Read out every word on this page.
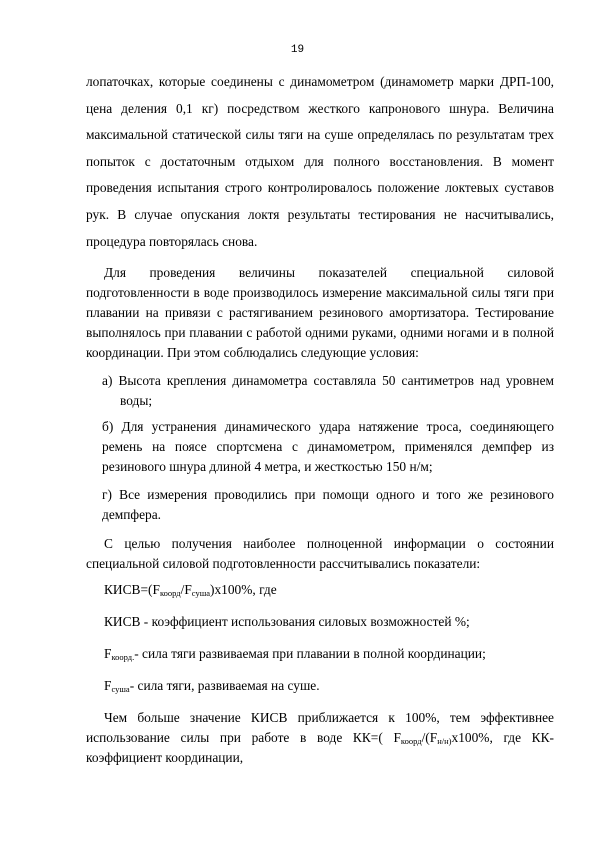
19

лопаточках, которые соединены с динамометром (динамометр марки ДРП-100, цена деления 0,1 кг) посредством жесткого капронового шнура. Величина максимальной статической силы тяги на суше определялась по результатам трех попыток с достаточным отдыхом для полного восстановления. В момент проведения испытания строго контролировалось положение локтевых суставов рук. В случае опускания локтя результаты тестирования не насчитывались, процедура повторялась снова.

Для проведения величины показателей специальной силовой подготовленности в воде производилось измерение максимальной силы тяги при плавании на привязи с растягиванием резинового амортизатора. Тестирование выполнялось при плавании с работой одними руками, одними ногами и в полной координации. При этом соблюдались следующие условия:

а) Высота крепления динамометра составляла 50 сантиметров над уровнем воды;

б) Для устранения динамического удара натяжение троса, соединяющего ремень на поясе спортсмена с динамометром, применялся демпфер из резинового шнура длиной 4 метра, и жесткостью 150 н/м;

г) Все измерения проводились при помощи одного и того же резинового демпфера.

С целью получения наиболее полноценной информации о состоянии специальной силовой подготовленности рассчитывались показатели:

$КИСВ=(F_{коорд}/F_{суша})х100\%$, где

КИСВ - коэффициент использования силовых возможностей %;

$F_{коорд.}-$ сила тяги развиваемая при плавании в полной координации;

$F_{суша}-$ сила тяги, развиваемая на суше.

Чем больше значение КИСВ приближается к 100%, тем эффективнее использование силы при работе в воде КК=( $F_{коорд}/(F_{н/н)}х100\%$, где КК-коэффициент координации,
